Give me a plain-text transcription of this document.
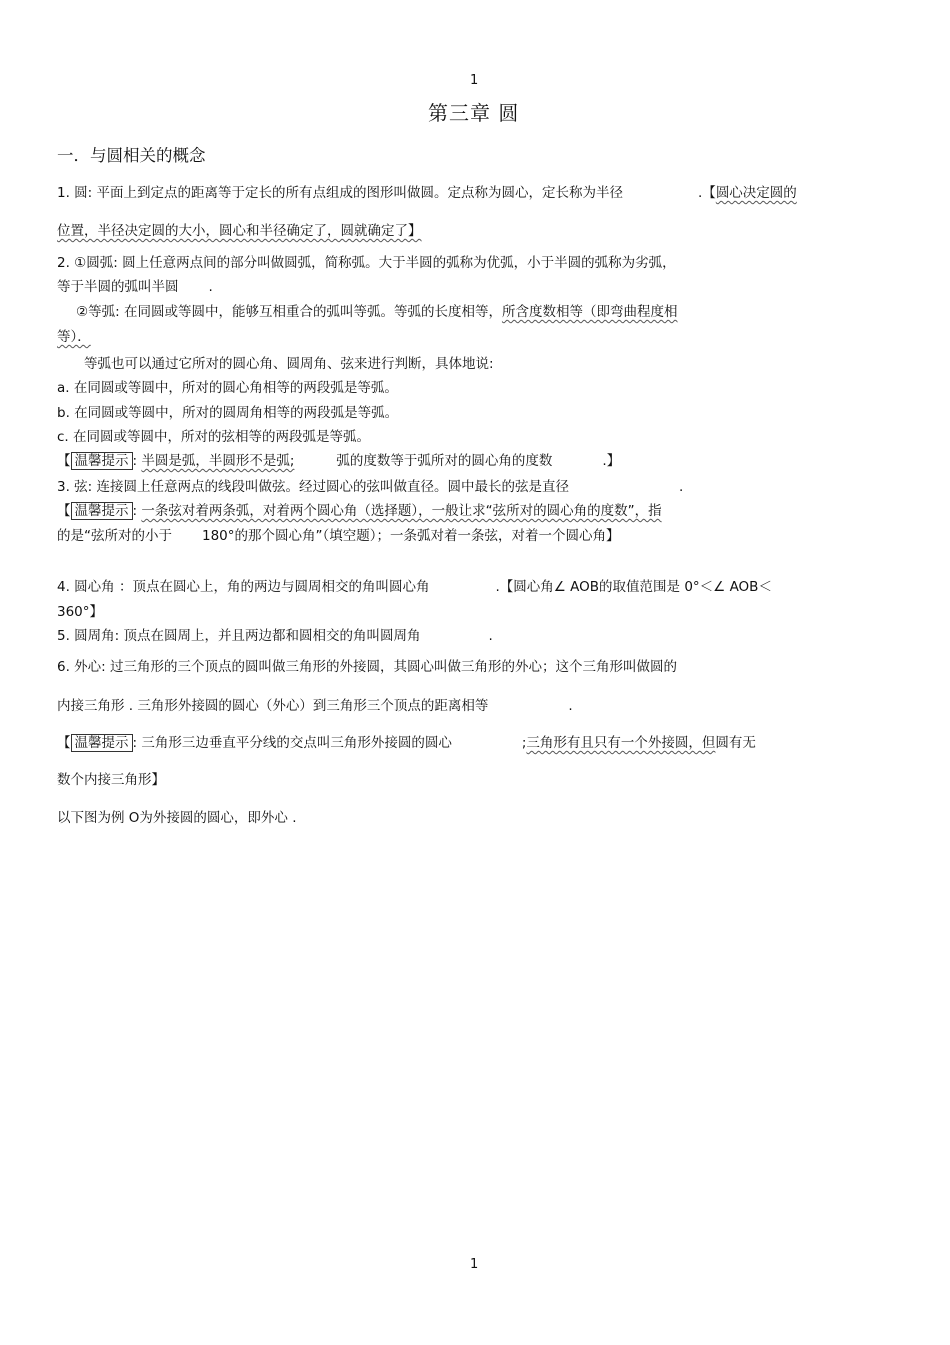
1
第三章 圆
一．与圆相关的概念
1. 圆: 平面上到定点的距离等于定长的所有点组成的图形叫做圆。定点称为圆心，定长称为半径	.【圆心决定圆的
位置，半径决定圆的大小，圆心和半径确定了，圆就确定了】
2. ①圆弧: 圆上任意两点间的部分叫做圆弧，简称弧。大于半圆的弧称为优弧，小于半圆的弧称为劣弧，
等于半圆的弧叫半圆 .
②等弧: 在同圆或等圆中，能够互相重合的弧叫等弧。等弧的长度相等，所含度数相等（即弯曲程度相
等）．
等弧也可以通过它所对的圆心角、圆周角、弦来进行判断，具体地说:
a. 在同圆或等圆中，所对的圆心角相等的两段弧是等弧。
b. 在同圆或等圆中，所对的圆周角相等的两段弧是等弧。
c. 在同圆或等圆中，所对的弦相等的两段弧是等弧。
【 温馨提示 : 半圆是弧，半圆形不是弧;	弧的度数等于弧所对的圆心角的度数	.】
3. 弦: 连接圆上任意两点的线段叫做弦。经过圆心的弦叫做直径。圆中最长的弦是直径	.
【 温馨提示 : 一条弦对着两条弧，对着两个圆心角（选择题），一般让求“弦所对的圆心角的度数”，指
的是“弦所对的小于 180°的那个圆心角”（填空题）；一条弧对着一条弦，对着一个圆心角】
4. 圆心角 ：顶点在圆心上，角的两边与圆周相交的角叫圆心角	.【圆心角∠ AOB的取值范围是 0°＜∠ AOB＜
360°】
5. 圆周角: 顶点在圆周上，并且两边都和圆相交的角叫圆周角	.
6. 外心: 过三角形的三个顶点的圆叫做三角形的外接圆，其圆心叫做三角形的外心；这个三角形叫做圆的
内接三角形 . 三角形外接圆的圆心（外心）到三角形三个顶点的距离相等	.
【 温馨提示 : 三角形三边垂直平分线的交点叫三角形外接圆的圆心	;三角形有且只有一个外接圆，但圆有无
数个内接三角形】
以下图为例 O为外接圆的圆心，即外心 .
1
